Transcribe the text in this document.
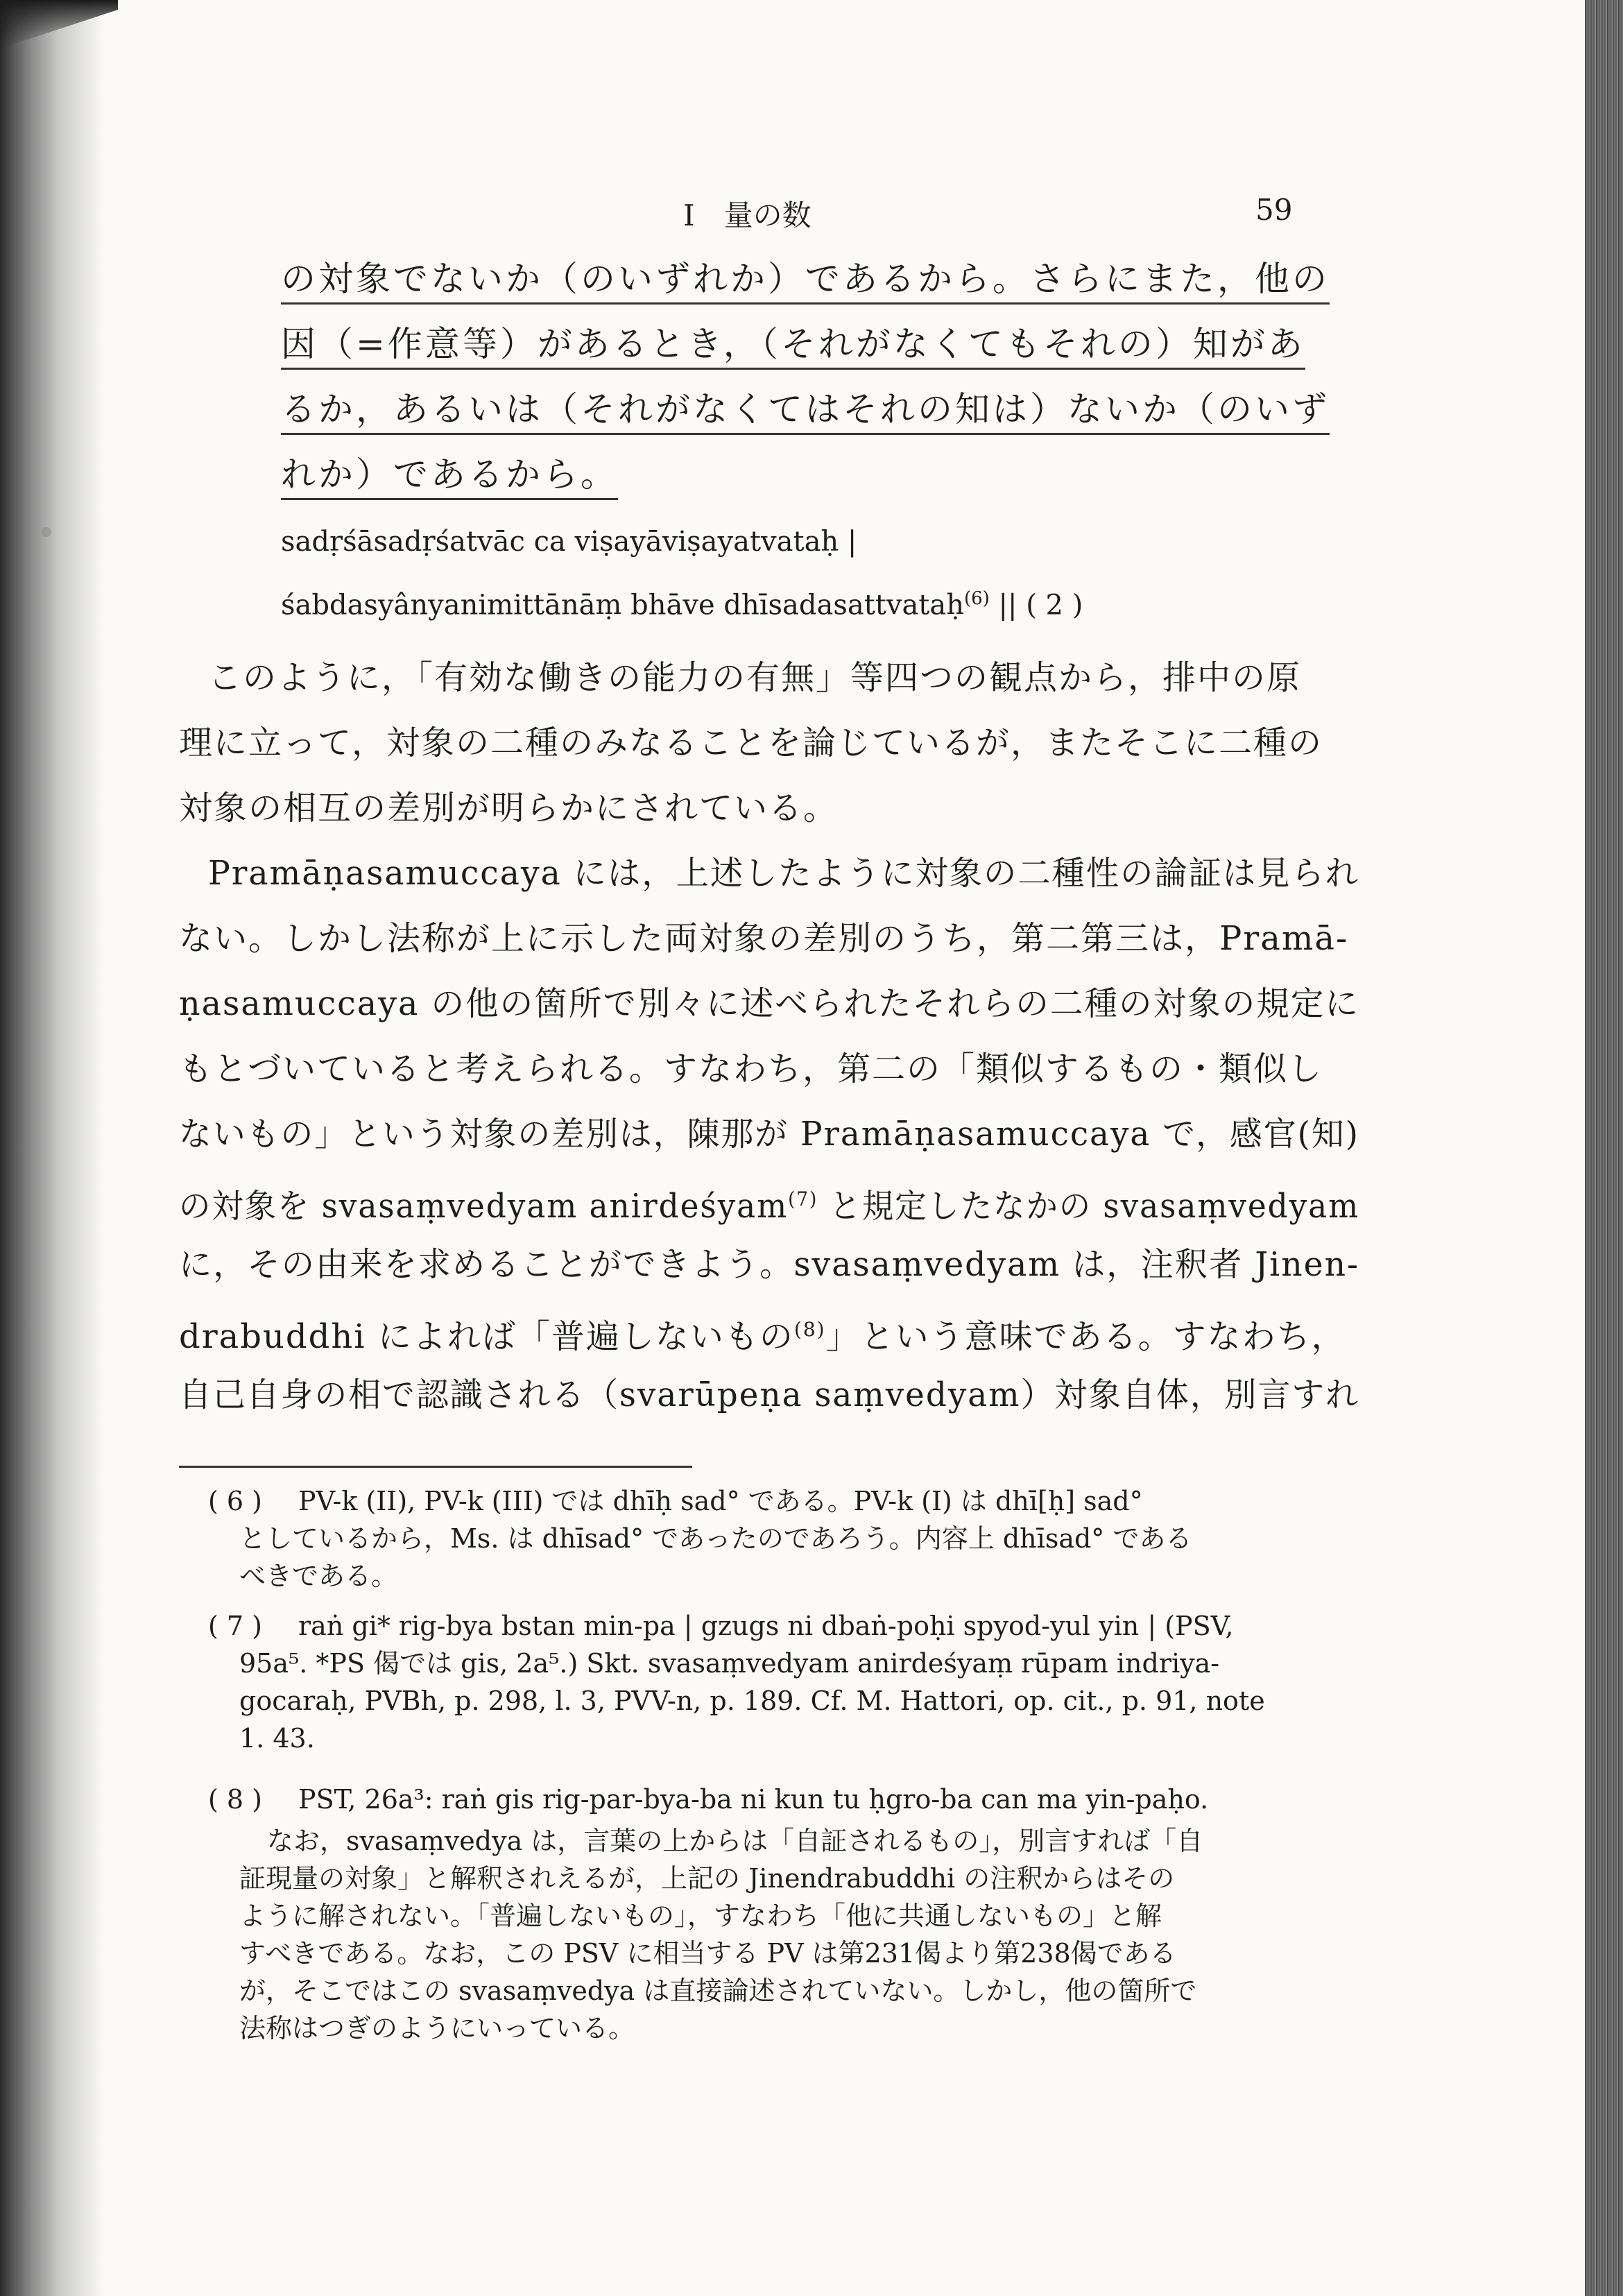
I　量の数	59
の対象でないか（のいずれか）であるから。さらにまた，他の
因（=作意等）があるとき，（それがなくてもそれの）知があ
るか，あるいは（それがなくてはそれの知は）ないか（のいず
れか）であるから。
sadṛśāsadṛśatvāc ca viṣayāviṣayatvataḥ |
śabdasyânyanimittānāṃ bhāve dhīsadasattvataḥ$^{(6)}$ || ( 2 )
このように，「有効な働きの能力の有無」等四つの観点から，排中の原
理に立って，対象の二種のみなることを論じているが，またそこに二種の
対象の相互の差別が明らかにされている。
Pramāṇasamuccaya には，上述したように対象の二種性の論証は見られ
ない。しかし法称が上に示した両対象の差別のうち，第二第三は，Pramā-
ṇasamuccaya の他の箇所で別々に述べられたそれらの二種の対象の規定に
もとづいていると考えられる。すなわち，第二の「類似するもの・類似し
ないもの」という対象の差別は，陳那が Pramāṇasamuccaya で，感官(知)
の対象を svasaṃvedyam anirdeśyam$^{(7)}$ と規定したなかの svasaṃvedyam
に，その由来を求めることができよう。svasaṃvedyam は，注釈者 Jinen-
drabuddhi によれば「普遍しないもの$^{(8)}$」という意味である。すなわち，
自己自身の相で認識される（svarūpeṇa saṃvedyam）対象自体，別言すれ
( 6 ) PV-k (II), PV-k (III) では dhīḥ sad° である。PV-k (I) は dhī[ḥ] sad°
としているから，Ms. は dhīsad° であったのであろう。内容上 dhīsad° である
べきである。
( 7 ) raṅ gi* rig-bya bstan min-pa | gzugs ni dbaṅ-poḥi spyod-yul yin | (PSV,
95a⁵. *PS 偈では gis, 2a⁵.) Skt. svasaṃvedyam anirdeśyaṃ rūpam indriya-
gocaraḥ, PVBh, p. 298, l. 3, PVV-n, p. 189. Cf. M. Hattori, op. cit., p. 91, note
1. 43.
( 8 ) PST, 26a³: raṅ gis rig-par-bya-ba ni kun tu ḥgro-ba can ma yin-paḥo.
なお，svasaṃvedya は，言葉の上からは「自証されるもの」，別言すれば「自
証現量の対象」と解釈されえるが，上記の Jinendrabuddhi の注釈からはその
ように解されない。「普遍しないもの」，すなわち「他に共通しないもの」と解
すべきである。なお，この PSV に相当する PV は第231偈より第238偈である
が，そこではこの svasaṃvedya は直接論述されていない。しかし，他の箇所で
法称はつぎのようにいっている。
